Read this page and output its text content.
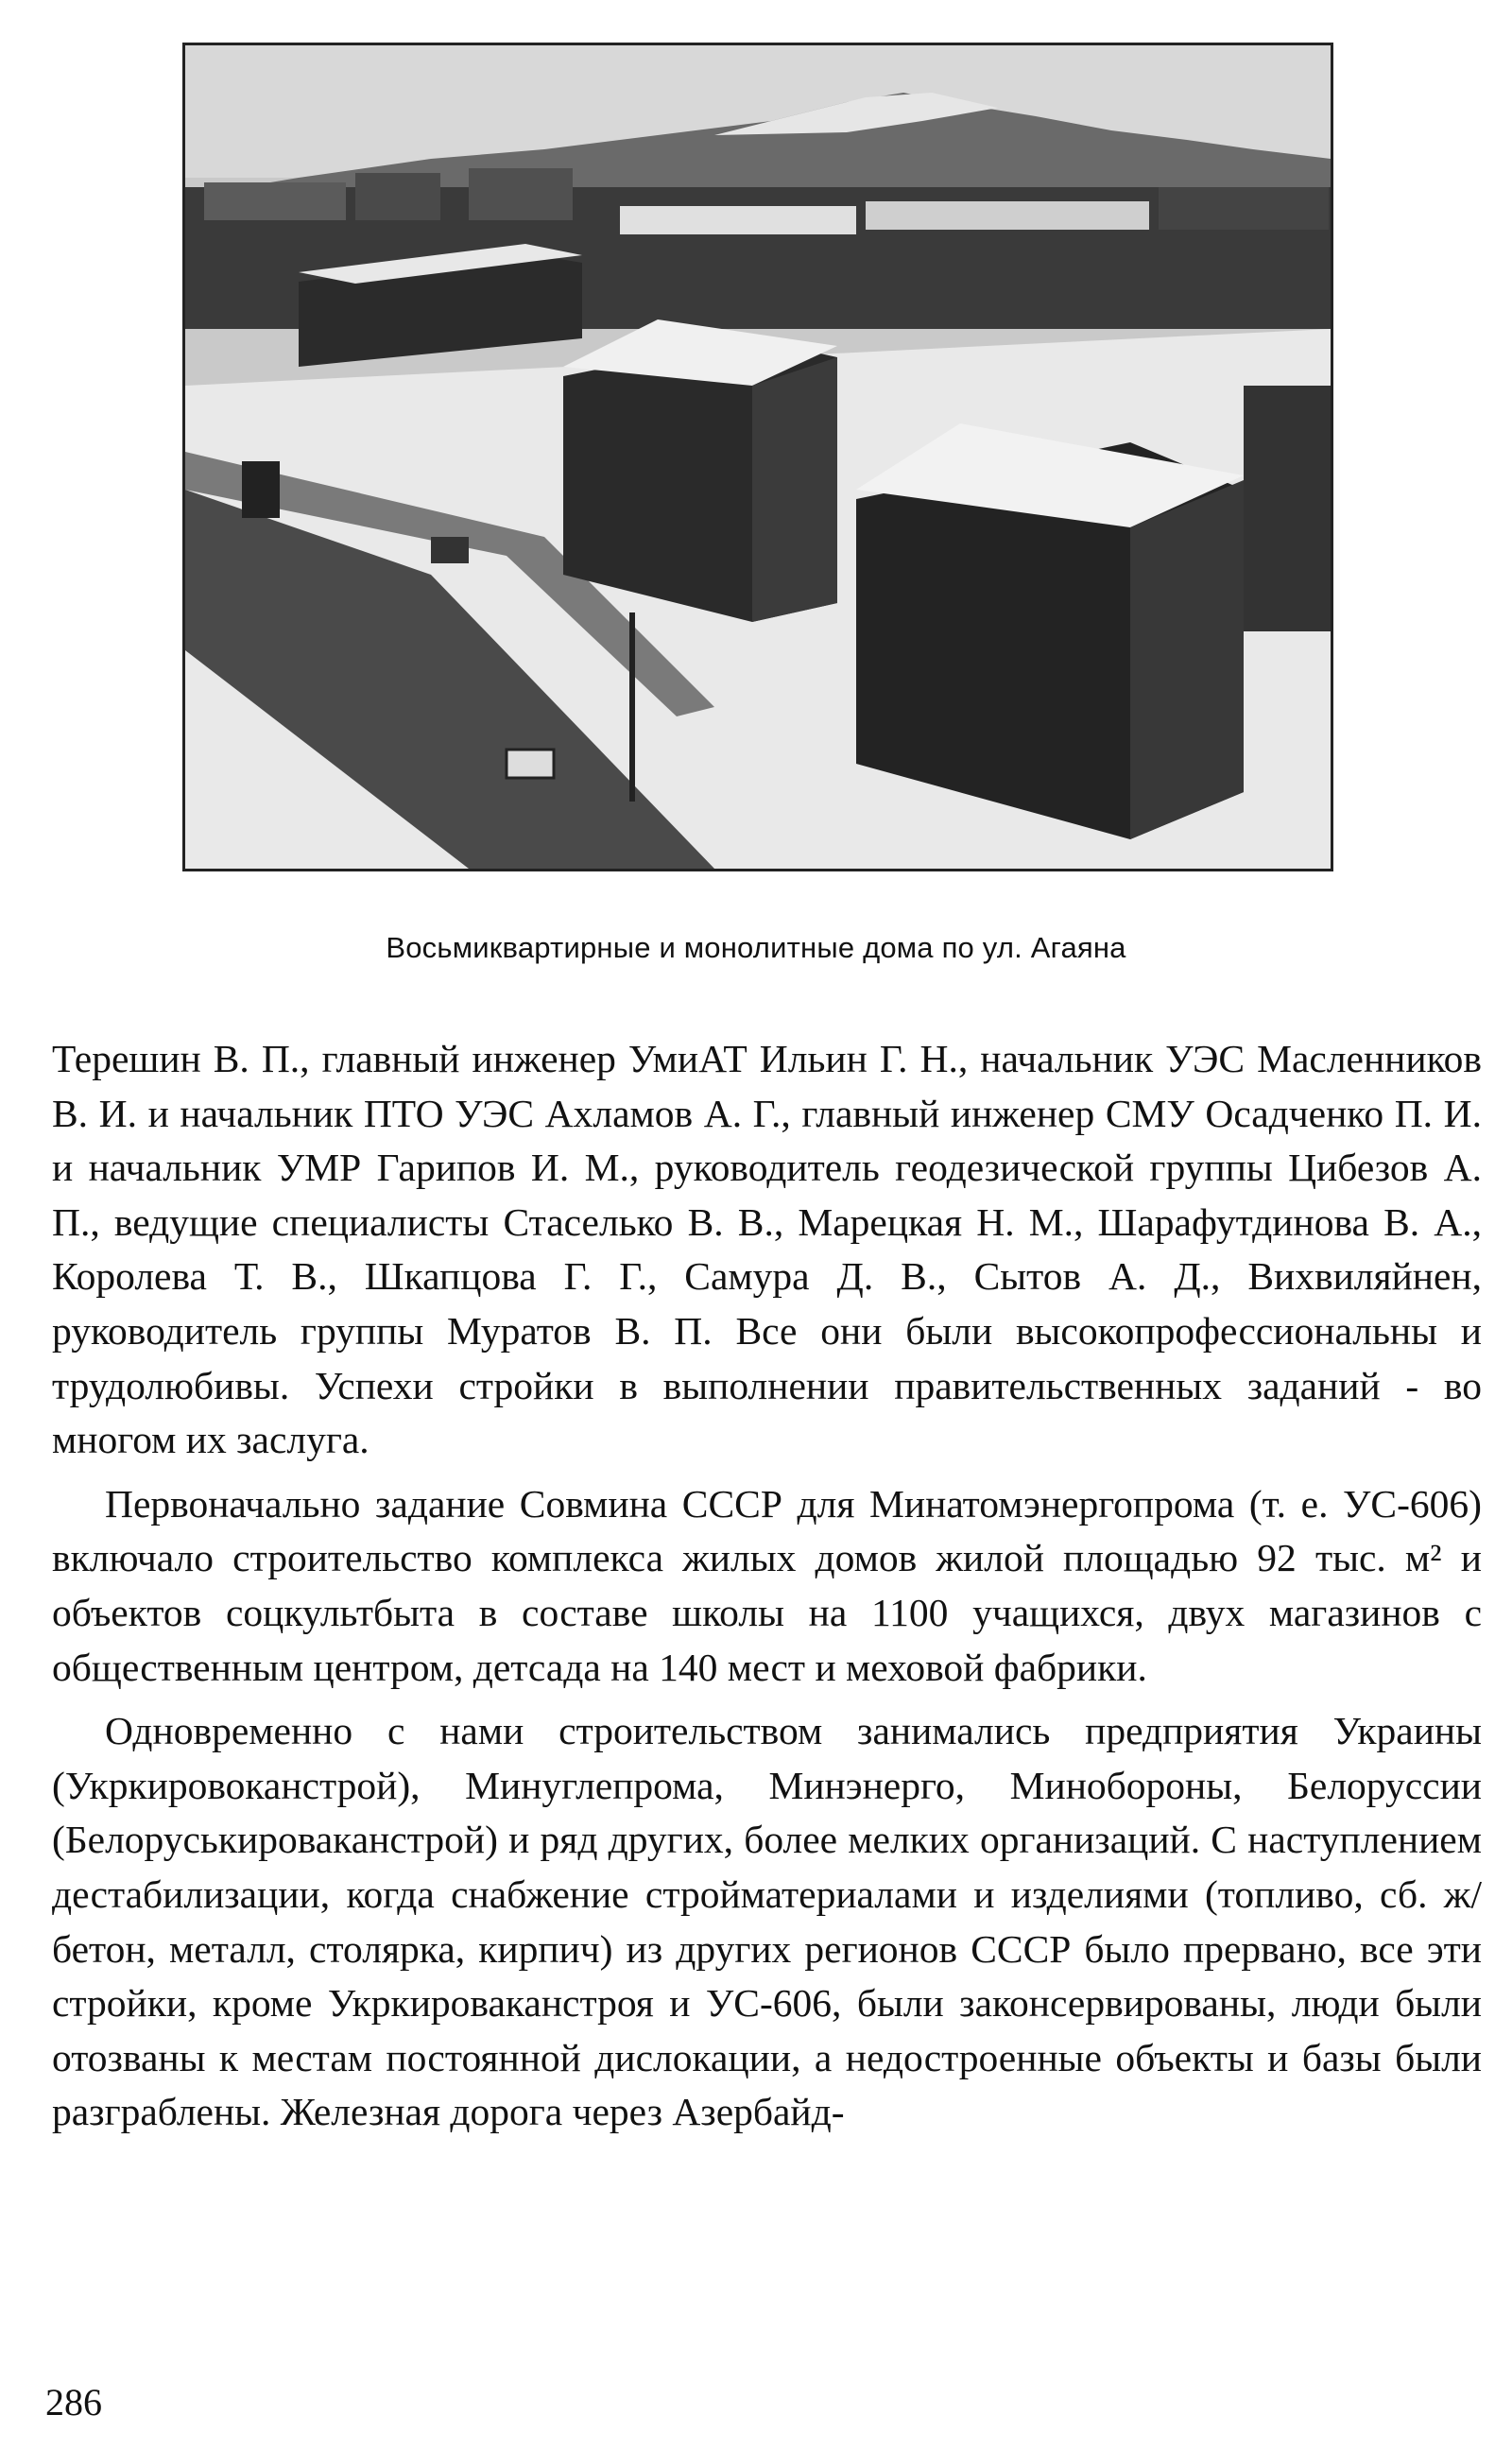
Восьмиквартирные и монолитные дома по ул. Агаяна

Терешин В. П., главный инженер УмиАТ Ильин Г. Н., начальник УЭС Масленников В. И. и начальник ПТО УЭС Ахламов А. Г., главный инженер СМУ Осадченко П. И. и начальник УМР Гарипов И. М., руководитель геодезической группы Цибезов А. П., ведущие специалисты Стаселько В. В., Марецкая Н. М., Шарафутдинова В. А., Королева Т. В., Шкапцова Г. Г., Самура Д. В., Сытов А. Д., Вихвиляйнен, руководитель группы Муратов В. П. Все они были высокопрофессиональны и трудолюбивы. Успехи стройки в выполнении правительственных заданий - во многом их заслуга.

Первоначально задание Совмина СССР для Минатомэнергопрома (т. е. УС-606) включало строительство комплекса жилых домов жилой площадью 92 тыс. м² и объектов соцкультбыта в составе школы на 1100 учащихся, двух магазинов с общественным центром, детсада на 140 мест и меховой фабрики.

Одновременно с нами строительством занимались предприятия Украины (Укркировоканстрой), Минуглепрома, Минэнерго, Минобороны, Белоруссии (Белоруськироваканстрой) и ряд других, более мелких организаций. С наступлением дестабилизации, когда снабжение стройматериалами и изделиями (топливо, сб. ж/бетон, металл, столярка, кирпич) из других регионов СССР было прервано, все эти стройки, кроме Укркироваканстроя и УС-606, были законсервированы, люди были отозваны к местам постоянной дислокации, а недостроенные объекты и базы были разграблены. Железная дорога через Азербайд-

286
